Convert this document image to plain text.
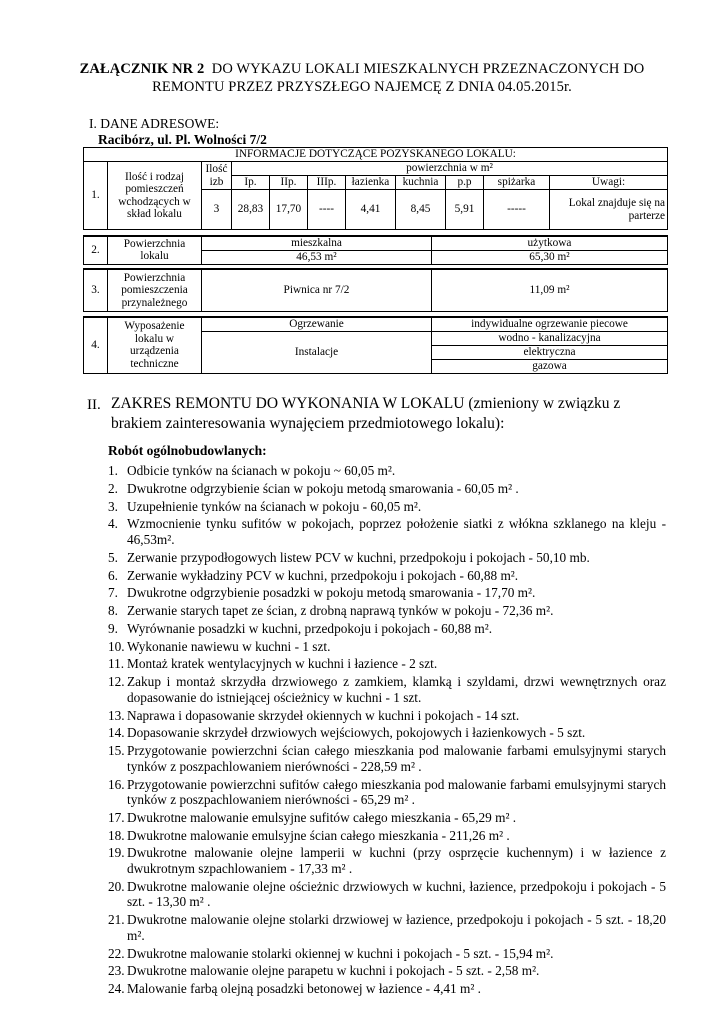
ZAŁĄCZNIK NR 2 DO WYKAZU LOKALI MIESZKALNYCH PRZEZNACZONYCH DO REMONTU PRZEZ PRZYSZŁEGO NAJEMCĘ Z DNIA 04.05.2015r.
I. DANE ADRESOWE:
Racibórz, ul. Pl. Wolności 7/2
INFORMACJE DOTYCZĄCE POZYSKANEGO LOKALU:										
1.	Ilość i rodzaj pomieszczeń wchodzących w skład lokalu	Ilość izb	powierzchnia w m²							
			Ip.	IIp.	IIIp.	łazienka	kuchnia	p.p	spiżarka	Uwagi:
		3	28,83	17,70	----	4,41	8,45	5,91	-----	Lokal znajduje się na parterze
2.	Powierzchnia lokalu	mieszkalna	użytkowa
		46,53 m²	65,30 m²
3.	Powierzchnia pomieszczenia przynależnego	Piwnica nr 7/2	11,09 m²
4.	Wyposażenie lokalu w urządzenia techniczne	Ogrzewanie	indywidualne ogrzewanie piecowe
		Instalacje	wodno - kanalizacyjna
			elektryczna
			gazowa
II. ZAKRES REMONTU DO WYKONANIA W LOKALU (zmieniony w związku z brakiem zainteresowania wynajęciem przedmiotowego lokalu):
Robót ogólnobudowlanych:
1. Odbicie tynków na ścianach w pokoju ~ 60,05 m².
2. Dwukrotne odgrzybienie ścian w pokoju metodą smarowania - 60,05 m² .
3. Uzupełnienie tynków na ścianach w pokoju - 60,05 m².
4. Wzmocnienie tynku sufitów w pokojach, poprzez położenie siatki z włókna szklanego na kleju - 46,53m².
5. Zerwanie przypodłogowych listew PCV w kuchni, przedpokoju i pokojach - 50,10 mb.
6. Zerwanie wykładziny PCV w kuchni, przedpokoju i pokojach - 60,88 m².
7. Dwukrotne odgrzybienie posadzki w pokoju metodą smarowania - 17,70 m².
8. Zerwanie starych tapet ze ścian, z drobną naprawą tynków w pokoju - 72,36 m².
9. Wyrównanie posadzki w kuchni, przedpokoju i pokojach - 60,88 m².
10. Wykonanie nawiewu w kuchni - 1 szt.
11. Montaż kratek wentylacyjnych w kuchni i łazience - 2 szt.
12. Zakup i montaż skrzydła drzwiowego z zamkiem, klamką i szyldami, drzwi wewnętrznych oraz dopasowanie do istniejącej ościeżnicy w kuchni - 1 szt.
13. Naprawa i dopasowanie skrzydeł okiennych w kuchni i pokojach - 14 szt.
14. Dopasowanie skrzydeł drzwiowych wejściowych, pokojowych i łazienkowych - 5 szt.
15. Przygotowanie powierzchni ścian całego mieszkania pod malowanie farbami emulsyjnymi starych tynków z poszpachlowaniem nierówności - 228,59 m² .
16. Przygotowanie powierzchni sufitów całego mieszkania pod malowanie farbami emulsyjnymi starych tynków z poszpachlowaniem nierówności - 65,29 m² .
17. Dwukrotne malowanie emulsyjne sufitów całego mieszkania - 65,29 m² .
18. Dwukrotne malowanie emulsyjne ścian całego mieszkania - 211,26 m² .
19. Dwukrotne malowanie olejne lamperii w kuchni (przy osprzęcie kuchennym) i w łazience z dwukrotnym szpachlowaniem - 17,33 m² .
20. Dwukrotne malowanie olejne ościeżnic drzwiowych w kuchni, łazience, przedpokoju i pokojach - 5 szt. - 13,30 m² .
21. Dwukrotne malowanie olejne stolarki drzwiowej w łazience, przedpokoju i pokojach - 5 szt. - 18,20 m².
22. Dwukrotne malowanie stolarki okiennej w kuchni i pokojach - 5 szt. - 15,94 m².
23. Dwukrotne malowanie olejne parapetu w kuchni i pokojach - 5 szt. - 2,58 m².
24. Malowanie farbą olejną posadzki betonowej w łazience - 4,41 m² .
